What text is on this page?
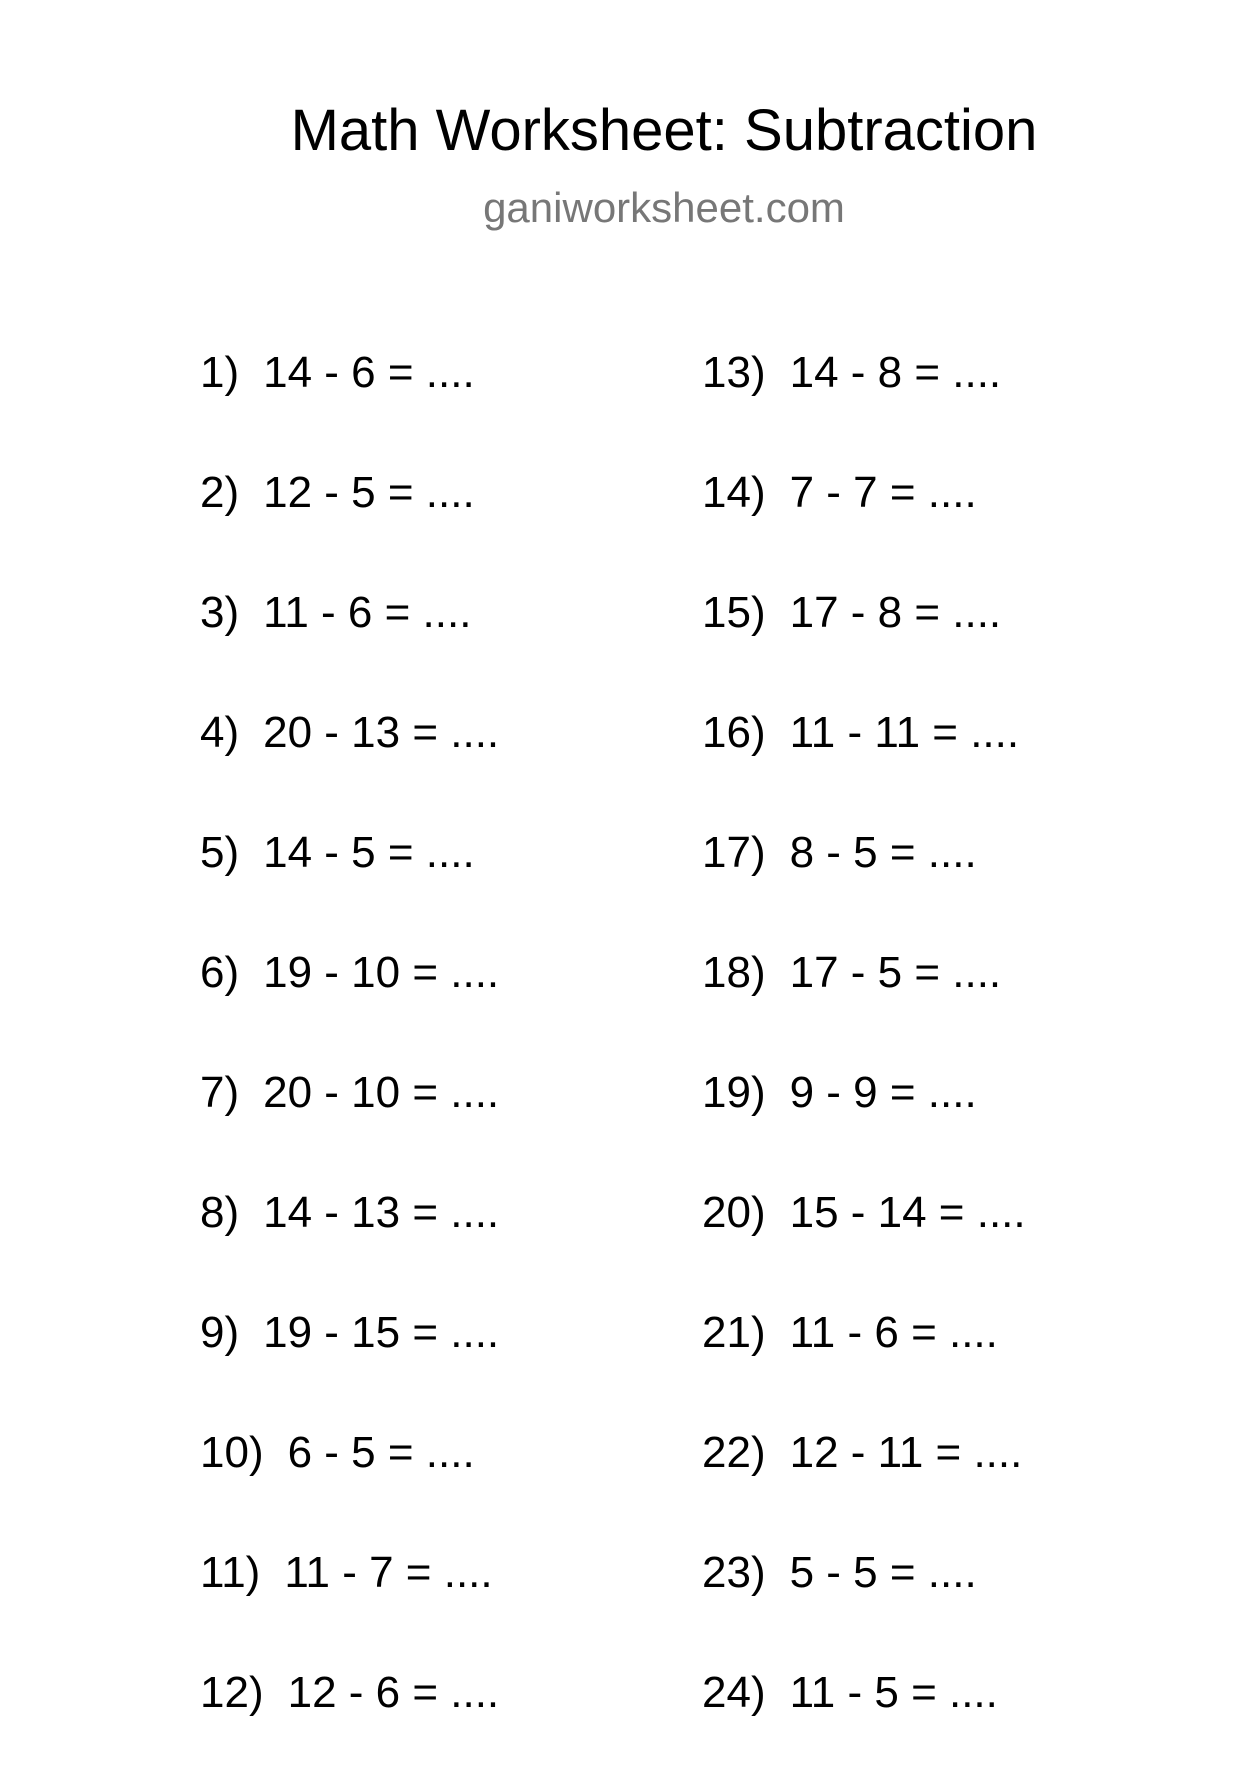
Math Worksheet: Subtraction
ganiworksheet.com
1) 14 - 6 = ....
2) 12 - 5 = ....
3) 11 - 6 = ....
4) 20 - 13 = ....
5) 14 - 5 = ....
6) 19 - 10 = ....
7) 20 - 10 = ....
8) 14 - 13 = ....
9) 19 - 15 = ....
10) 6 - 5 = ....
11) 11 - 7 = ....
12) 12 - 6 = ....
13) 14 - 8 = ....
14) 7 - 7 = ....
15) 17 - 8 = ....
16) 11 - 11 = ....
17) 8 - 5 = ....
18) 17 - 5 = ....
19) 9 - 9 = ....
20) 15 - 14 = ....
21) 11 - 6 = ....
22) 12 - 11 = ....
23) 5 - 5 = ....
24) 11 - 5 = ....
